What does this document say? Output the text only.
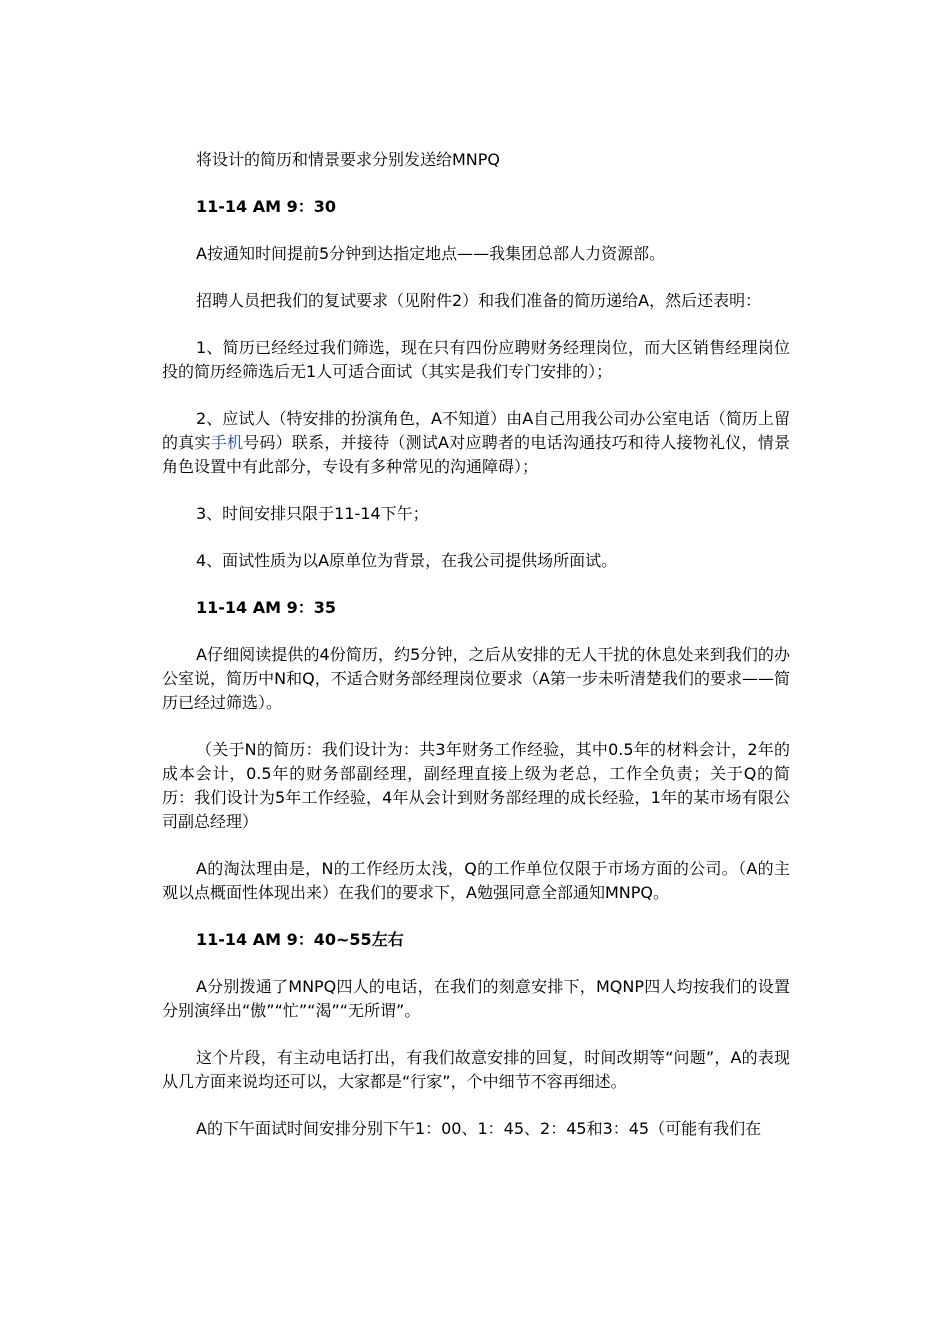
将设计的简历和情景要求分别发送给MNPQ

11-14 AM 9：30

A按通知时间提前5分钟到达指定地点——我集团总部人力资源部。

招聘人员把我们的复试要求（见附件2）和我们准备的简历递给A，然后还表明：

1、简历已经经过我们筛选，现在只有四份应聘财务经理岗位，而大区销售经理岗位投的简历经筛选后无1人可适合面试（其实是我们专门安排的）；

2、应试人（特安排的扮演角色，A不知道）由A自己用我公司办公室电话（简历上留的真实手机号码）联系，并接待（测试A对应聘者的电话沟通技巧和待人接物礼仪，情景角色设置中有此部分，专设有多种常见的沟通障碍）；

3、时间安排只限于11-14下午；

4、面试性质为以A原单位为背景，在我公司提供场所面试。

11-14 AM 9：35

A仔细阅读提供的4份简历，约5分钟，之后从安排的无人干扰的休息处来到我们的办公室说，简历中N和Q，不适合财务部经理岗位要求（A第一步未听清楚我们的要求——简历已经过筛选）。

（关于N的简历：我们设计为：共3年财务工作经验，其中0.5年的材料会计，2年的成本会计，0.5年的财务部副经理，副经理直接上级为老总，工作全负责；关于Q的简历：我们设计为5年工作经验，4年从会计到财务部经理的成长经验，1年的某市场有限公司副总经理）

A的淘汰理由是，N的工作经历太浅，Q的工作单位仅限于市场方面的公司。（A的主观以点概面性体现出来）在我们的要求下，A勉强同意全部通知MNPQ。

11-14 AM 9：40~55左右

A分别拨通了MNPQ四人的电话，在我们的刻意安排下，MQNP四人均按我们的设置分别演绎出“傲”“忙”“渴”“无所谓”。

这个片段，有主动电话打出，有我们故意安排的回复，时间改期等“问题”，A的表现从几方面来说均还可以，大家都是“行家”，个中细节不容再细述。

A的下午面试时间安排分别下午1：00、1：45、2：45和3：45（可能有我们在
